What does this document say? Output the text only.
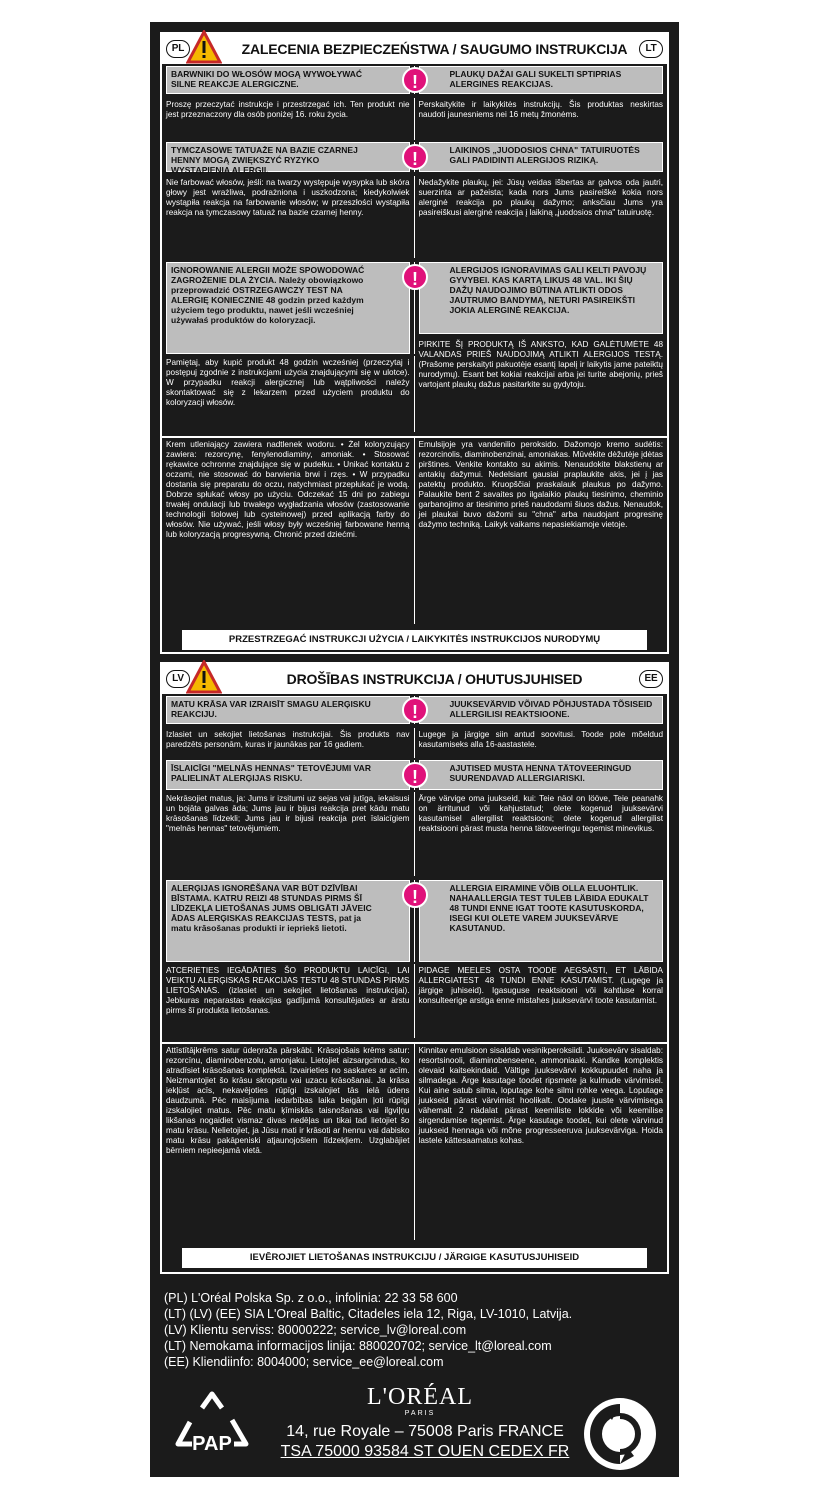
PL	ZALECENIA BEZPIECZEŃSTWA / SAUGUMO INSTRUKCIJA	LT
BARWNIKI DO WŁOSÓW MOGĄ WYWOŁYWAĆ SILNE REAKCJE ALERGICZNE.
PLAUKŲ DAŽAI GALI SUKELTI SPTIPRIAS ALERGINES REAKCIJAS.
!
Proszę przeczytać instrukcje i przestrzegać ich. Ten produkt nie jest przeznaczony dla osób poniżej 16. roku życia.
Perskaitykite ir laikykitės instrukcijų. Šis produktas neskirtas naudoti jaunesniems nei 16 metų žmonėms.
TYMCZASOWE TATUAŻE NA BAZIE CZARNEJ HENNY MOGĄ ZWIĘKSZYĆ RYZYKO WYSTĄPIENIA ALERGII.
LAIKINOS „JUODOSIOS CHNA" TATUIRUOTĖS GALI PADIDINTI ALERGIJOS RIZIKĄ.
!
Nie farbować włosów, jeśli: na twarzy występuje wysypka lub skóra głowy jest wrażliwa, podrażniona i uszkodzona; kiedykolwiek wystąpiła reakcja na farbowanie włosów; w przeszłości wystąpiła reakcja na tymczasowy tatuaż na bazie czarnej henny.
Nedažykite plaukų, jei: Jūsų veidas išbertas ar galvos oda jautri, suerzinta ar pažeista; kada nors Jums pasireiškė kokia nors alerginė reakcija po plaukų dažymo; anksčiau Jums yra pasireiškusi alerginė reakcija į laikiną „juodosios chna" tatuiruotę.
IGNOROWANIE ALERGII MOŻE SPOWODOWAĆ ZAGROŻENIE DLA ŻYCIA. Należy obowiązkowo przeprowadzić OSTRZEGAWCZY TEST NA ALERGIĘ KONIECZNIE 48 godzin przed każdym użyciem tego produktu, nawet jeśli wcześniej używałaś produktów do koloryzacji.
ALERGIJOS IGNORAVIMAS GALI KELTI PAVOJŲ GYVYBEI. KAS KARTĄ LIKUS 48 VAL. IKI ŠIŲ DAŽŲ NAUDOJIMO BŪTINA ATLIKTI ODOS JAUTRUMO BANDYMĄ, NETURI PASIREIKŠTI JOKIA ALERGINĖ REAKCIJA.
!
PIRKITE ŠĮ PRODUKTĄ IŠ ANKSTO, KAD GALĖTUMĖTE 48 VALANDAS PRIEŠ NAUDOJIMĄ ATLIKTI ALERGIJOS TESTĄ. (Prašome perskaityti pakuotėje esantį lapelį ir laikytis jame pateiktų nurodymų). Esant bet kokiai reakcijai arba jei turite abejonių, prieš vartojant plaukų dažus pasitarkite su gydytoju.
Pamiętaj, aby kupić produkt 48 godzin wcześniej (przeczytaj i postępuj zgodnie z instrukcjami użycia znajdującymi się w ulotce). W przypadku reakcji alergicznej lub wątpliwości należy skontaktować się z lekarzem przed użyciem produktu do koloryzacji włosów.
Krem utleniający zawiera nadtlenek wodoru. • Żel koloryzujący zawiera: rezorcynę, fenylenodiaminy, amoniak. • Stosować rękawice ochronne znajdujące się w pudełku. • Unikać kontaktu z oczami, nie stosować do barwienia brwi i rzęs. • W przypadku dostania się preparatu do oczu, natychmiast przepłukać je wodą. Dobrze spłukać włosy po użyciu. Odczekać 15 dni po zabiegu trwałej ondulacji lub trwałego wygładzania włosów (zastosowanie technologii tiolowej lub cysteinowej) przed aplikacją farby do włosów. Nie używać, jeśli włosy były wcześniej farbowane henną lub koloryzacją progresywną. Chronić przed dziećmi.
Emulsijoje yra vandenilio peroksido. Dažomojo kremo sudėtis: rezorcinolis, diaminobenzinai, amoniakas. Mūvėkite dėžutėje įdėtas pirštines. Venkite kontakto su akimis. Nenaudokite blakstienų ar antakių dažymui. Nedelsiant gausiai praplaukite akis, jei į jas patektų produkto. Kruopščiai praskalauk plaukus po dažymo. Palaukite bent 2 savaites po ilgalaikio plaukų tiesinimo, cheminio garbanojimo ar tiesinimo prieš naudodami šiuos dažus. Nenaudok, jei plaukai buvo dažomi su "chna" arba naudojant progresinę dažymo techniką. Laikyk vaikams nepasiekiamoje vietoje.
PRZESTRZEGAĆ INSTRUKCJI UŻYCIA / LAIKYKITĖS INSTRUKCIJOS NURODYMŲ
LV	DROŠĪBAS INSTRUKCIJA / OHUTUSJUHISED	EE
MATU KRĀSA VAR IZRAISĪT SMAGU ALERĢISKU REAKCIJU.
JUUKSEVÄRVID VÕIVAD PÕHJUSTADA TÕSISEID ALLERGILISI REAKTSIOONE.
!
Izlasiet un sekojiet lietošanas instrukcijai. Šis produkts nav paredzēts personām, kuras ir jaunākas par 16 gadiem.
Lugege ja järgige siin antud soovitusi. Toode pole mõeldud kasutamiseks alla 16-aastastele.
ĪSLAICĪGI "MELNĀS HENNAS" TETOVĒJUMI VAR PALIELINĀT ALERĢIJAS RISKU.
AJUTISED MUSTA HENNA TÄTOVEERINGUD SUURENDAVAD ALLERGIARISKI.
!
Nekrāsojiet matus, ja: Jums ir izsitumi uz sejas vai jutīga, iekaisusi un bojāta galvas āda; Jums jau ir bijusi reakcija pret kādu matu krāsošanas līdzekli; Jums jau ir bijusi reakcija pret īslaicīgiem "melnās hennas" tetovējumiem.
Ärge värvige oma juukseid, kui: Teie näol on lööve, Teie peanahk on ärritunud või kahjustatud; olete kogenud juuksevärvi kasutamisel allergilist reaktsiooni; olete kogenud allergilist reaktsiooni pärast musta henna tätoveeringu tegemist minevikus.
ALERĢIJAS IGNORĒŠANA VAR BŪT DZĪVĪBAI BĪSTAMA. KATRU REIZI 48 STUNDAS PIRMS ŠĪ LĪDZEKĻA LIETOŠANAS JUMS OBLIGĀTI JĀVEIC ĀDAS ALERĢISKAS REAKCIJAS TESTS, pat ja matu krāsošanas produkti ir iepriekš lietoti.
ALLERGIA EIRAMINE VÕIB OLLA ELUOHTLIK. NAHAALLERGIA TEST TULEB LÄBIDA EDUKALT 48 TUNDI ENNE IGAT TOOTE KASUTUSKORDA, ISEGI KUI OLETE VAREM JUUKSEVÄRVE KASUTANUD.
!
ATCERIETIES IEGĀDĀTIES ŠO PRODUKTU LAICĪGI, LAI VEIKTU ALERĢISKAS REAKCIJAS TESTU 48 STUNDAS PIRMS LIETOŠANAS. (izlasiet un sekojiet lietošanas instrukcijai). Jebkuras neparastas reakcijas gadījumā konsultējaties ar ārstu pirms šī produkta lietošanas.
PIDAGE MEELES OSTA TOODE AEGSASTI, ET LÄBIDA ALLERGIATEST 48 TUNDI ENNE KASUTAMIST. (Lugege ja järgige juhiseid). Igasuguse reaktsiooni või kahtluse korral konsulteerige arstiga enne mistahes juuksevärvi toote kasutamist.
Attīstītājkrēms satur ūdeņraža pārskābi. Krāsojošais krēms satur: rezorcīnu, diaminobenzolu, amonjaku. Lietojiet aizsargcimdus, ko atradīsiet krāsošanas komplektā. Izvairieties no saskares ar acīm. Neizmantojiet šo krāsu skropstu vai uzacu krāsošanai. Ja krāsa iekļūst acīs, nekavējoties rūpīgi izskalojiet tās ielā ūdens daudzumā. Pēc maisījuma iedarbības laika beigām ļoti rūpīgi izskalojiet matus. Pēc matu ķīmiskās taisnošanas vai ilgviļņu likšanas nogaidiet vismaz divas nedēļas un tikai tad lietojiet šo matu krāsu. Nelietojiet, ja Jūsu mati ir krāsoti ar hennu vai dabisko matu krāsu pakāpeniski atjaunojošiem līdzekļiem. Uzglabājiet bērniem nepieejamā vietā.
Kinnitav emulsioon sisaldab vesinikperoksiidi. Juuksevärv sisaldab: resortsinooli, diaminobenseene, ammoniaaki. Kandke komplektis olevaid kaitsekindaid. Vältige juuksevärvi kokkupuudet naha ja silmadega. Ärge kasutage toodet ripsmete ja kulmude värvimisel. Kui aine satub silma, loputage kohe silmi rohke veega. Loputage juukseid pärast värvimist hoolikalt. Oodake juuste värvimisega vähemalt 2 nädalat pärast keemiliste lokkide või keemilise sirgendamise tegemist. Ärge kasutage toodet, kui olete värvinud juukseid hennaga või mõne progresseeruva juuksevärviga. Hoida lastele kättesaamatus kohas.
IEVĒROJIET LIETOŠANAS INSTRUKCIJU / JÄRGIGE KASUTUSJUHISEID
(PL) L'Oréal Polska Sp. z o.o., infolinia: 22 33 58 600
(LT) (LV) (EE) SIA L'Oreal Baltic, Citadeles iela 12, Riga, LV-1010, Latvija.
(LV) Klientu serviss: 80000222; service_lv@loreal.com
(LT) Nemokama informacijos linija: 880020702; service_lt@loreal.com
(EE) Kliendiinfo: 8004000; service_ee@loreal.com
PAP
L'ORÉAL
PARIS
14, rue Royale – 75008 Paris FRANCE
TSA 75000 93584 ST OUEN CEDEX FR
